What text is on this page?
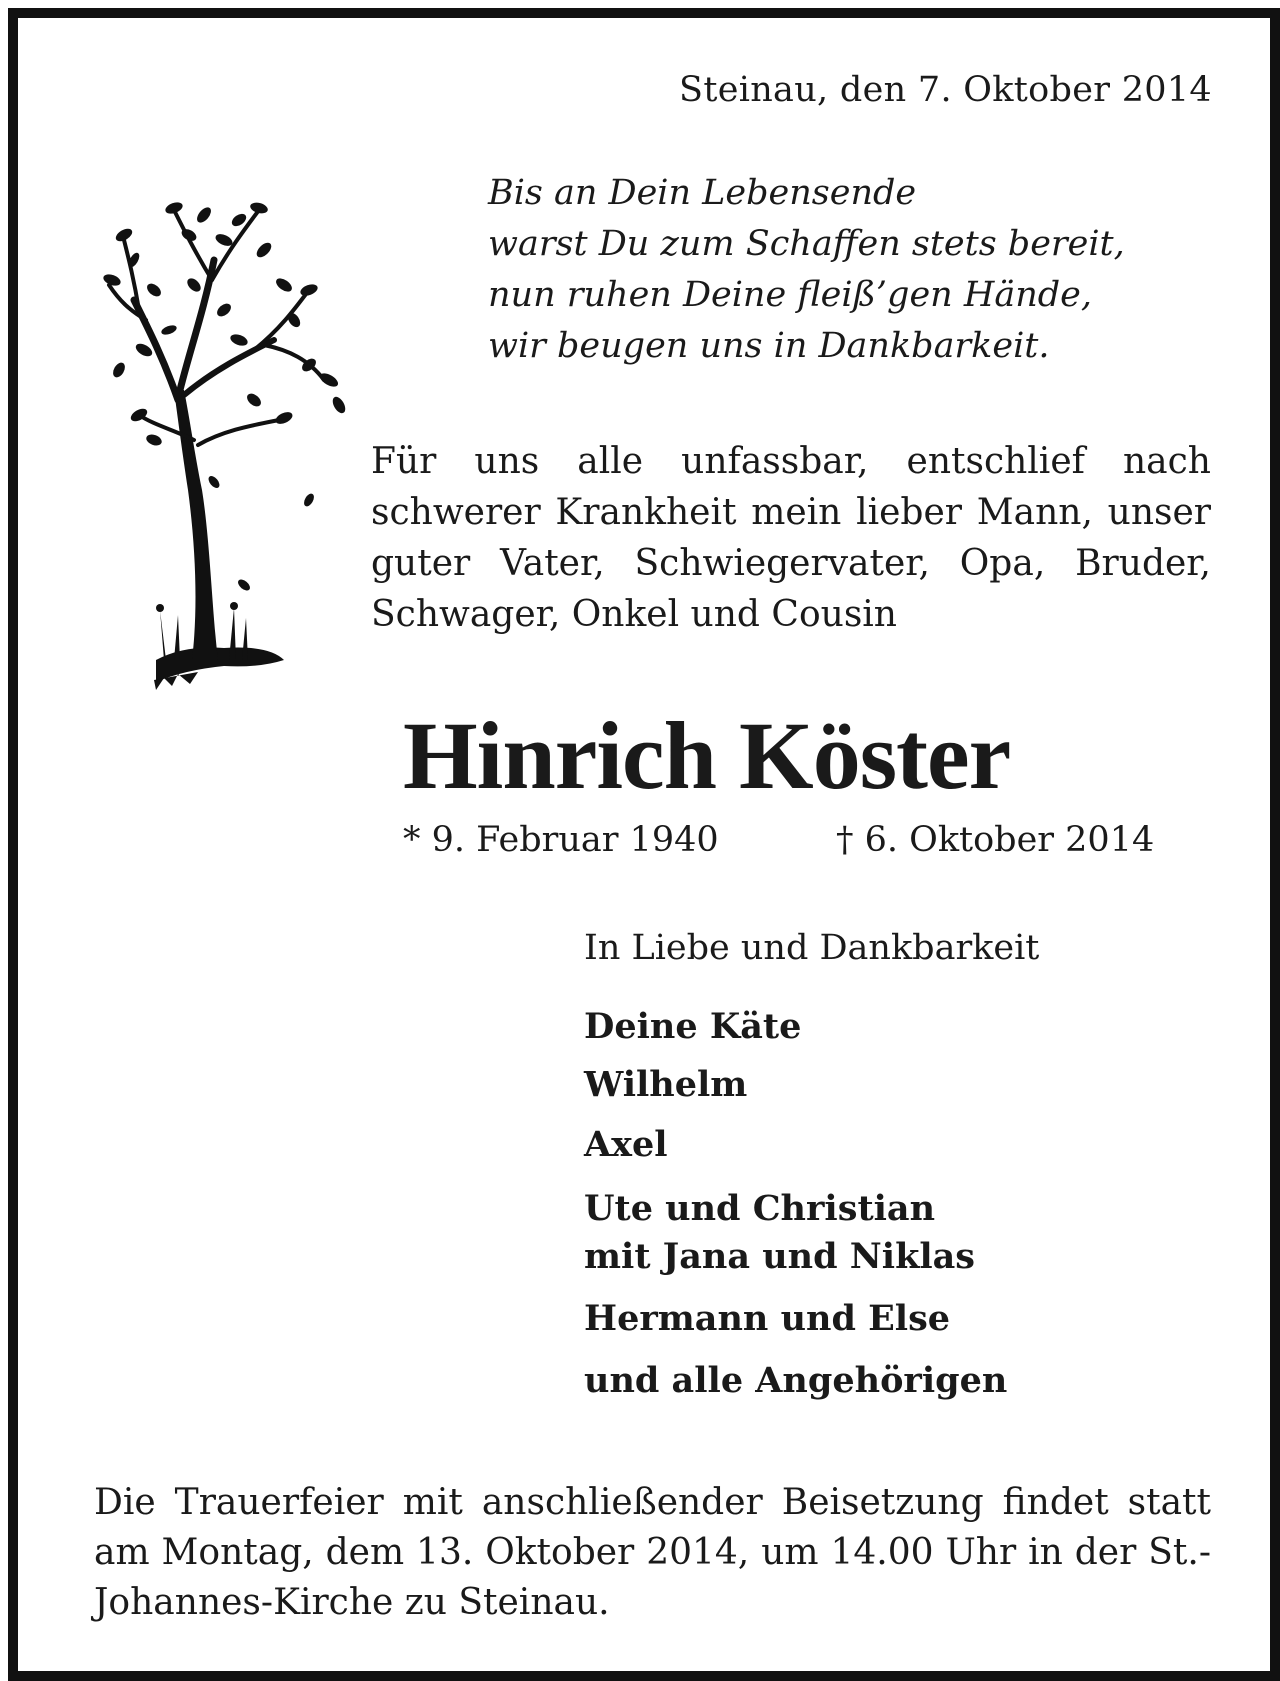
Steinau, den 7. Oktober 2014
Bis an Dein Lebensende
warst Du zum Schaffen stets bereit,
nun ruhen Deine fleiß’gen Hände,
wir beugen uns in Dankbarkeit.
Für uns alle unfassbar, entschlief nach schwerer Krankheit mein lieber Mann, unser guter Vater, Schwiegervater, Opa, Bruder, Schwager, Onkel und Cousin
Hinrich Köster
* 9. Februar 1940	† 6. Oktober 2014
In Liebe und Dankbarkeit
Deine Käte
Wilhelm
Axel
Ute und Christian
mit Jana und Niklas
Hermann und Else
und alle Angehörigen
Die Trauerfeier mit anschließender Beisetzung findet statt am Montag, dem 13. Oktober 2014, um 14.00 Uhr in der St.-Johannes-Kirche zu Steinau.
